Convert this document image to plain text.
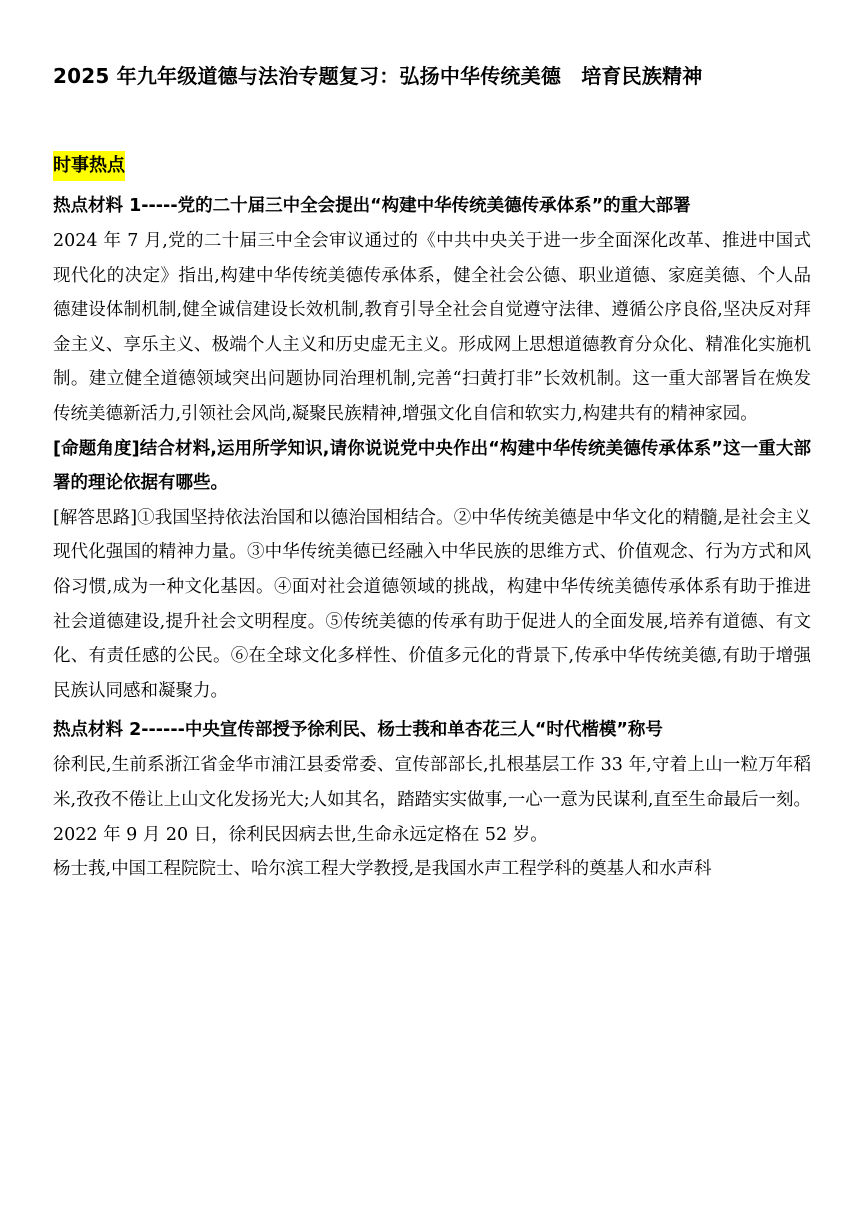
2025 年九年级道德与法治专题复习：弘扬中华传统美德　培育民族精神
时事热点

热点材料 1-----党的二十届三中全会提出“构建中华传统美德传承体系”的重大部署

2024 年 7 月,党的二十届三中全会审议通过的《中共中央关于进一步全面深化改革、推进中国式现代化的决定》指出,构建中华传统美德传承体系，健全社会公德、职业道德、家庭美德、个人品德建设体制机制,健全诚信建设长效机制,教育引导全社会自觉遵守法律、遵循公序良俗,坚决反对拜金主义、享乐主义、极端个人主义和历史虚无主义。形成网上思想道德教育分众化、精准化实施机制。建立健全道德领域突出问题协同治理机制,完善“扫黄打非”长效机制。这一重大部署旨在焕发传统美德新活力,引领社会风尚,凝聚民族精神,增强文化自信和软实力,构建共有的精神家园。

[命题角度]结合材料,运用所学知识,请你说说党中央作出“构建中华传统美德传承体系”这一重大部署的理论依据有哪些。

[解答思路]①我国坚持依法治国和以德治国相结合。②中华传统美德是中华文化的精髓,是社会主义现代化强国的精神力量。③中华传统美德已经融入中华民族的思维方式、价值观念、行为方式和风俗习惯,成为一种文化基因。④面对社会道德领域的挑战，构建中华传统美德传承体系有助于推进社会道德建设,提升社会文明程度。⑤传统美德的传承有助于促进人的全面发展,培养有道德、有文化、有责任感的公民。⑥在全球文化多样性、价值多元化的背景下,传承中华传统美德,有助于增强民族认同感和凝聚力。

热点材料 2------中央宣传部授予徐利民、杨士莪和单杏花三人“时代楷模”称号

徐利民,生前系浙江省金华市浦江县委常委、宣传部部长,扎根基层工作 33 年,守着上山一粒万年稻米,孜孜不倦让上山文化发扬光大;人如其名，踏踏实实做事,一心一意为民谋利,直至生命最后一刻。2022 年 9 月 20 日，徐利民因病去世,生命永远定格在 52 岁。

杨士莪,中国工程院院士、哈尔滨工程大学教授,是我国水声工程学科的奠基人和水声科
